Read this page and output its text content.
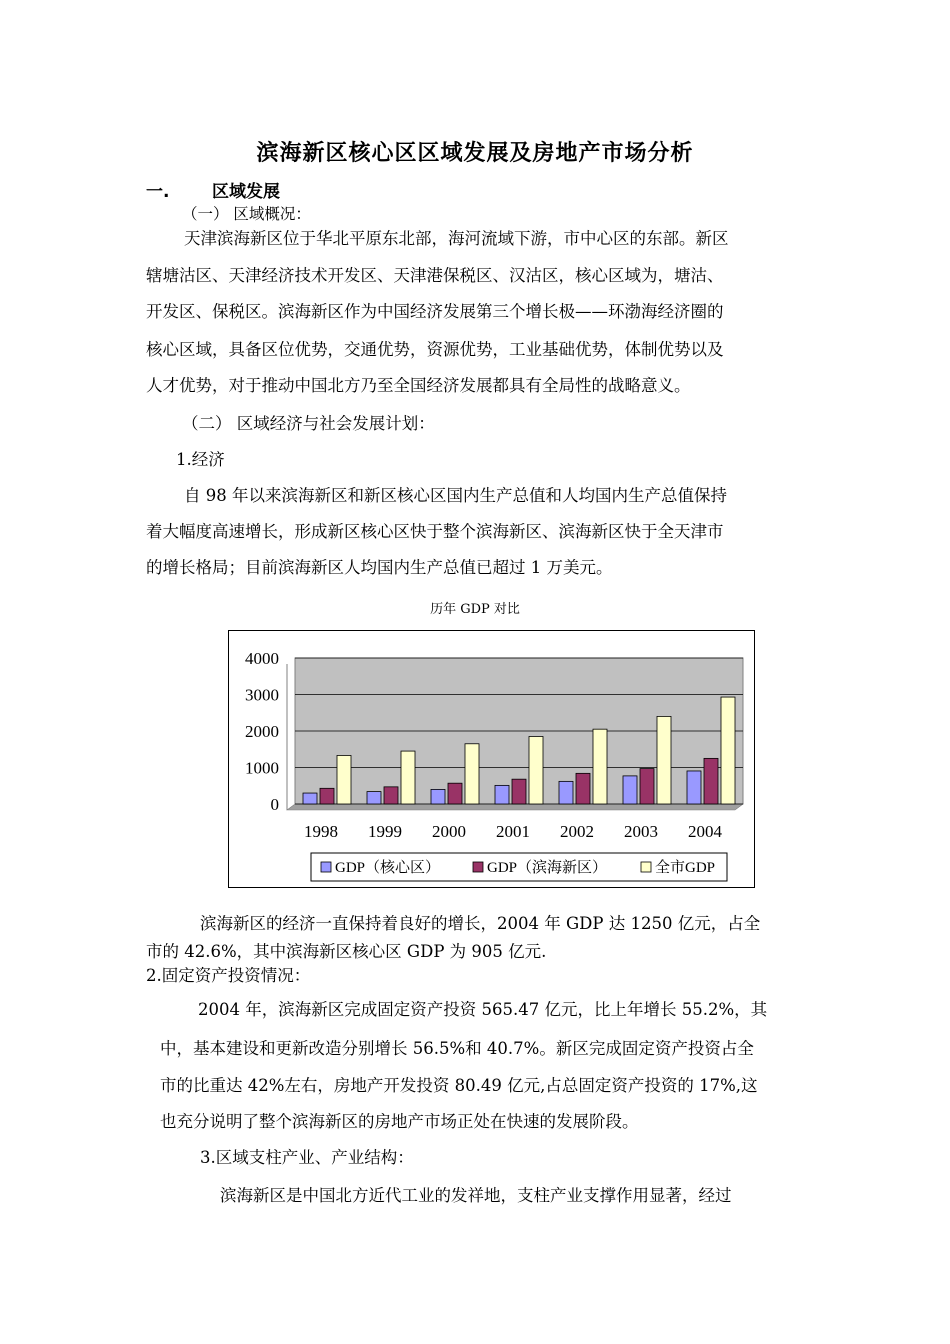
滨海新区核心区区域发展及房地产市场分析
一.	区域发展
（一） 区域概况：
天津滨海新区位于华北平原东北部，海河流域下游，市中心区的东部。新区
辖塘沽区、天津经济技术开发区、天津港保税区、汉沽区，核心区域为，塘沽、
开发区、保税区。滨海新区作为中国经济发展第三个增长极——环渤海经济圈的
核心区域，具备区位优势，交通优势，资源优势，工业基础优势，体制优势以及
人才优势，对于推动中国北方乃至全国经济发展都具有全局性的战略意义。
（二） 区域经济与社会发展计划：
1.经济
自 98 年以来滨海新区和新区核心区国内生产总值和人均国内生产总值保持
着大幅度高速增长，形成新区核心区快于整个滨海新区、滨海新区快于全天津市
的增长格局；目前滨海新区人均国内生产总值已超过 1 万美元。
历年 GDP 对比
0
1000
2000
3000
4000
1998 1999 2000 2001 2002 2003 2004
GDP（核心区）	GDP（滨海新区）	全市GDP
滨海新区的经济一直保持着良好的增长，2004 年 GDP 达 1250 亿元，占全
市的 42.6%，其中滨海新区核心区 GDP 为 905 亿元.
2.固定资产投资情况：
2004 年，滨海新区完成固定资产投资 565.47 亿元，比上年增长 55.2%，其
中，基本建设和更新改造分别增长 56.5%和 40.7%。新区完成固定资产投资占全
市的比重达 42%左右，房地产开发投资 80.49 亿元,占总固定资产投资的 17%,这
也充分说明了整个滨海新区的房地产市场正处在快速的发展阶段。
3.区域支柱产业、产业结构：
滨海新区是中国北方近代工业的发祥地，支柱产业支撑作用显著，经过
